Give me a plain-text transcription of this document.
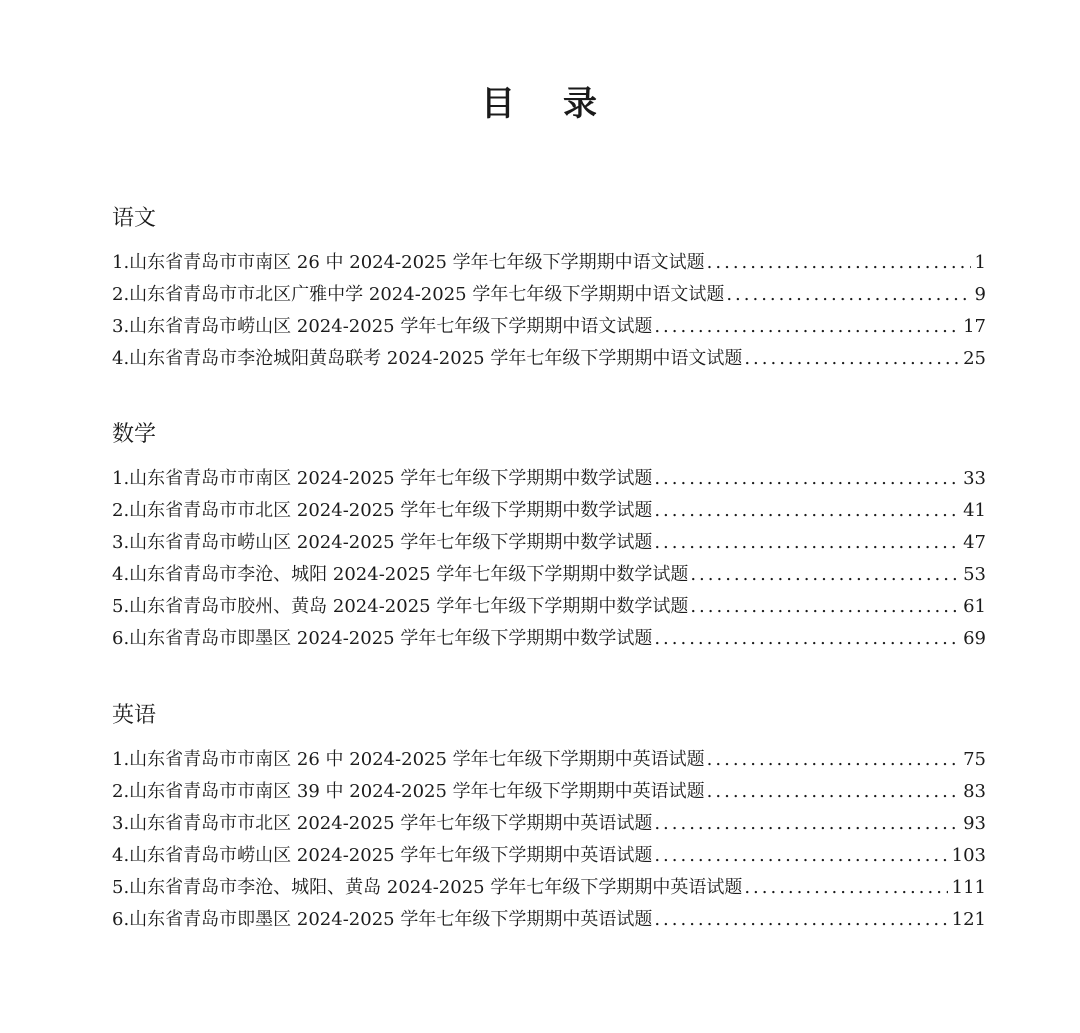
目 录
语文
1.山东省青岛市市南区 26 中 2024-2025 学年七年级下学期期中语文试题 .....	1
2.山东省青岛市市北区广雅中学 2024-2025 学年七年级下学期期中语文试题 .....	9
3.山东省青岛市崂山区 2024-2025 学年七年级下学期期中语文试题 .....	17
4.山东省青岛市李沧城阳黄岛联考 2024-2025 学年七年级下学期期中语文试题 .....	25
数学
1.山东省青岛市市南区 2024-2025 学年七年级下学期期中数学试题 .....	33
2.山东省青岛市市北区 2024-2025 学年七年级下学期期中数学试题 .....	41
3.山东省青岛市崂山区 2024-2025 学年七年级下学期期中数学试题 .....	47
4.山东省青岛市李沧、城阳 2024-2025 学年七年级下学期期中数学试题 .....	53
5.山东省青岛市胶州、黄岛 2024-2025 学年七年级下学期期中数学试题 .....	61
6.山东省青岛市即墨区 2024-2025 学年七年级下学期期中数学试题 .....	69
英语
1.山东省青岛市市南区 26 中 2024-2025 学年七年级下学期期中英语试题 .....	75
2.山东省青岛市市南区 39 中 2024-2025 学年七年级下学期期中英语试题 .....	83
3.山东省青岛市市北区 2024-2025 学年七年级下学期期中英语试题 .....	93
4.山东省青岛市崂山区 2024-2025 学年七年级下学期期中英语试题 .....	103
5.山东省青岛市李沧、城阳、黄岛 2024-2025 学年七年级下学期期中英语试题 .....	111
6.山东省青岛市即墨区 2024-2025 学年七年级下学期期中英语试题 .....	121
